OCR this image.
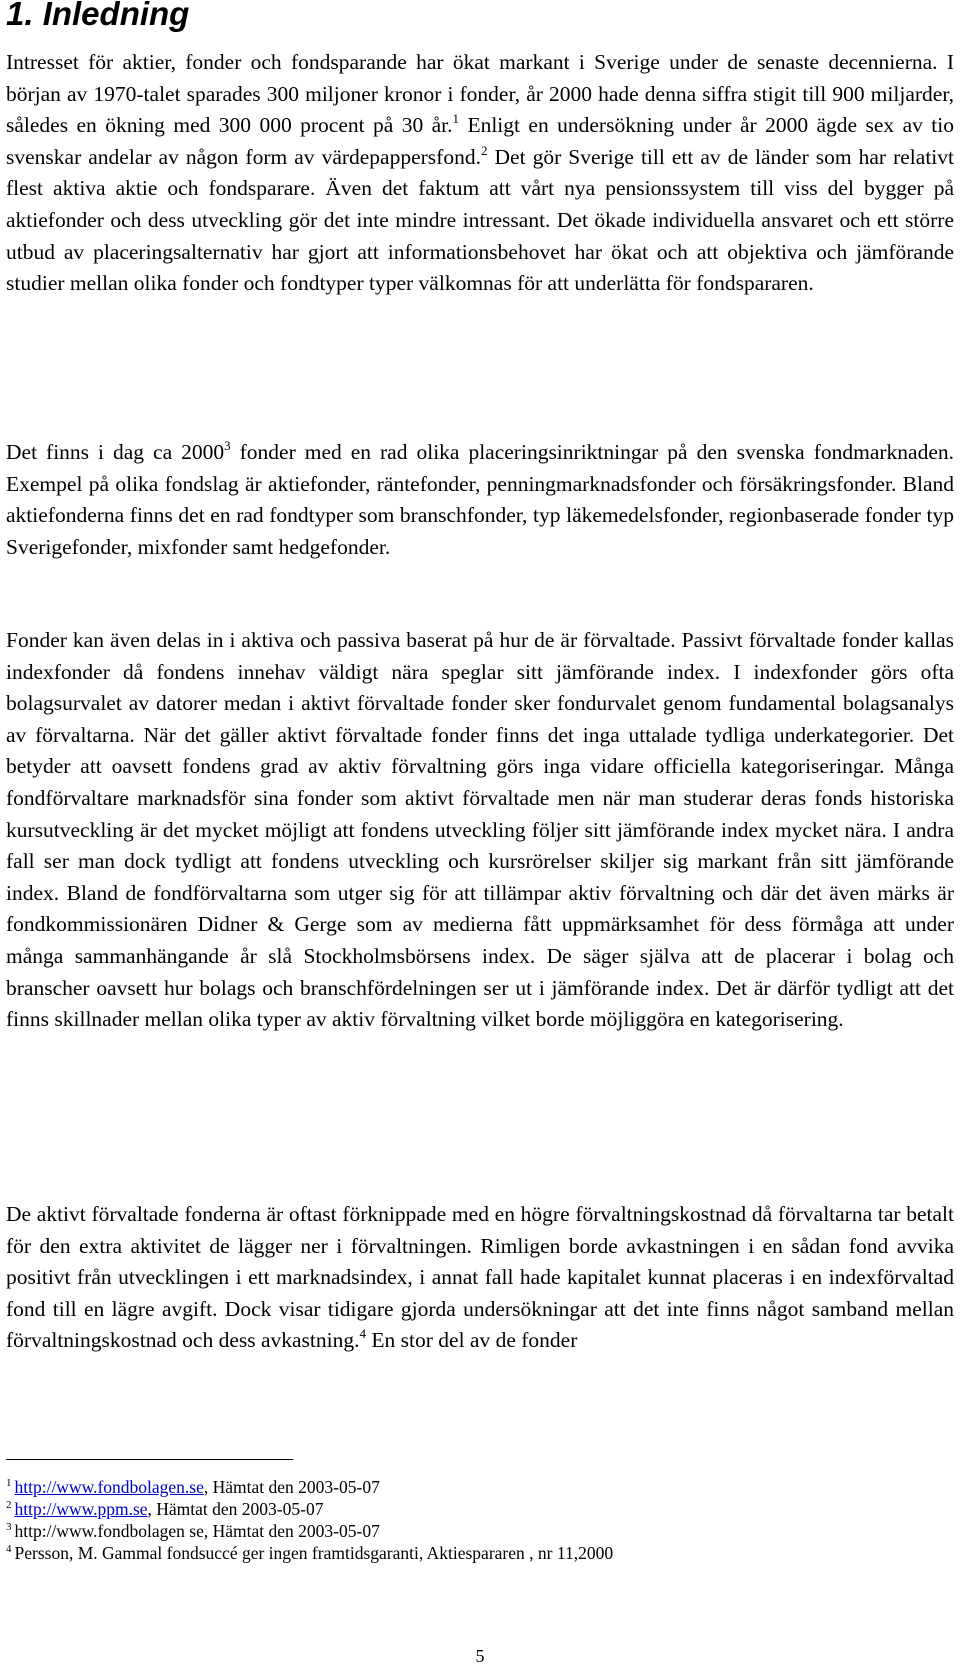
1. Inledning

Intresset för aktier, fonder och fondsparande har ökat markant i Sverige under de senaste decennierna. I början av 1970-talet sparades 300 miljoner kronor i fonder, år 2000 hade denna siffra stigit till 900 miljarder, således en ökning med 300 000 procent på 30 år.$^1$ Enligt en undersökning under år 2000 ägde sex av tio svenskar andelar av någon form av värdepappersfond.$^2$ Det gör Sverige till ett av de länder som har relativt flest aktiva aktie och fondsparare. Även det faktum att vårt nya pensionssystem till viss del bygger på aktiefonder och dess utveckling gör det inte mindre intressant. Det ökade individuella ansvaret och ett större utbud av placeringsalternativ har gjort att informationsbehovet har ökat och att objektiva och jämförande studier mellan olika fonder och fondtyper typer välkomnas för att underlätta för fondspararen.

Det finns i dag ca 2000$^3$ fonder med en rad olika placeringsinriktningar på den svenska fondmarknaden. Exempel på olika fondslag är aktiefonder, räntefonder, penningmarknadsfonder och försäkringsfonder. Bland aktiefonderna finns det en rad fondtyper som branschfonder, typ läkemedelsfonder, regionbaserade fonder typ Sverigefonder, mixfonder samt hedgefonder.

Fonder kan även delas in i aktiva och passiva baserat på hur de är förvaltade. Passivt förvaltade fonder kallas indexfonder då fondens innehav väldigt nära speglar sitt jämförande index. I indexfonder görs ofta bolagsurvalet av datorer medan i aktivt förvaltade fonder sker fondurvalet genom fundamental bolagsanalys av förvaltarna. När det gäller aktivt förvaltade fonder finns det inga uttalade tydliga underkategorier. Det betyder att oavsett fondens grad av aktiv förvaltning görs inga vidare officiella kategoriseringar. Många fondförvaltare marknadsför sina fonder som aktivt förvaltade men när man studerar deras fonds historiska kursutveckling är det mycket möjligt att fondens utveckling följer sitt jämförande index mycket nära. I andra fall ser man dock tydligt att fondens utveckling och kursrörelser skiljer sig markant från sitt jämförande index. Bland de fondförvaltarna som utger sig för att tillämpar aktiv förvaltning och där det även märks är fondkommissionären Didner & Gerge som av medierna fått uppmärksamhet för dess förmåga att under många sammanhängande år slå Stockholmsbörsens index. De säger själva att de placerar i bolag och branscher oavsett hur bolags och branschfördelningen ser ut i jämförande index. Det är därför tydligt att det finns skillnader mellan olika typer av aktiv förvaltning vilket borde möjliggöra en kategorisering.

De aktivt förvaltade fonderna är oftast förknippade med en högre förvaltningskostnad då förvaltarna tar betalt för den extra aktivitet de lägger ner i förvaltningen. Rimligen borde avkastningen i en sådan fond avvika positivt från utvecklingen i ett marknadsindex, i annat fall hade kapitalet kunnat placeras i en indexförvaltad fond till en lägre avgift. Dock visar tidigare gjorda undersökningar att det inte finns något samband mellan förvaltningskostnad och dess avkastning.$^4$ En stor del av de fonder

$^1$ http://www.fondbolagen.se, Hämtat den 2003-05-07
$^2$ http://www.ppm.se, Hämtat den 2003-05-07
$^3$ http://www.fondbolagen se, Hämtat den 2003-05-07
$^4$ Persson, M. Gammal fondsuccé ger ingen framtidsgaranti, Aktiespararen , nr 11,2000
5
